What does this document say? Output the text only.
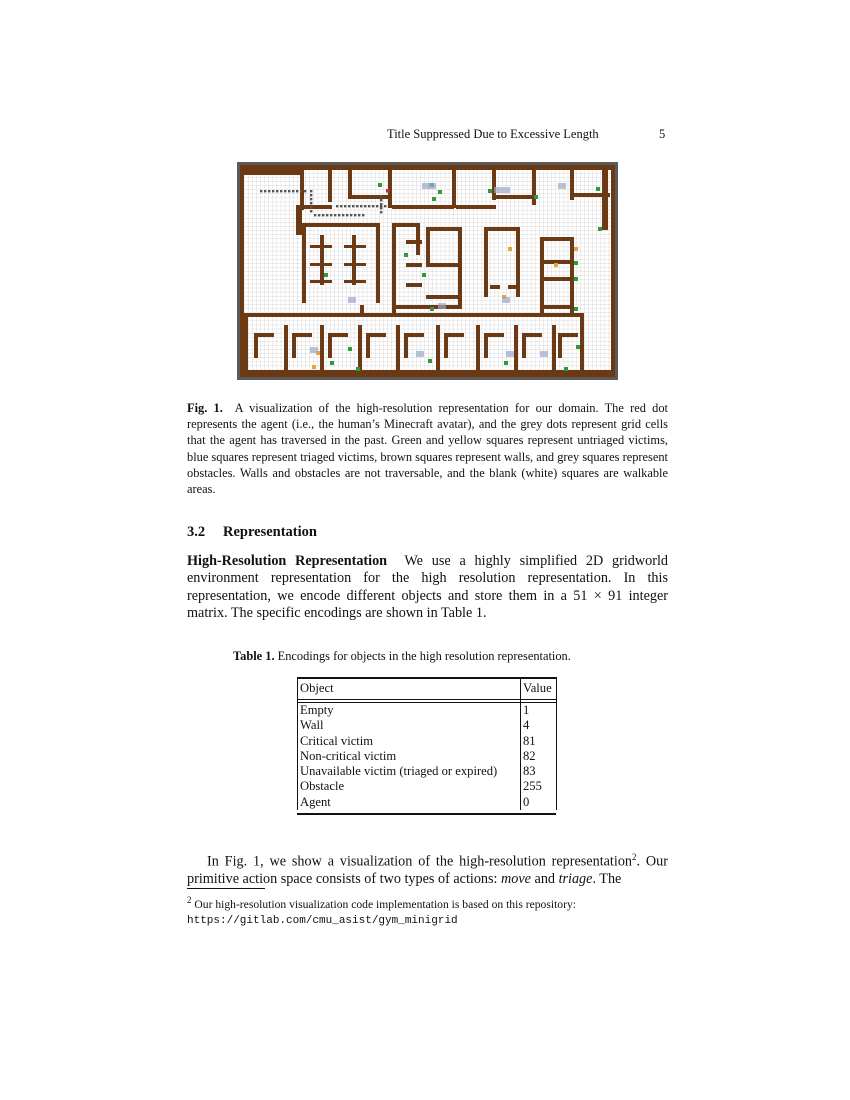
Title Suppressed Due to Excessive Length	5
Fig. 1. A visualization of the high-resolution representation for our domain. The red dot represents the agent (i.e., the human’s Minecraft avatar), and the grey dots represent grid cells that the agent has traversed in the past. Green and yellow squares represent untriaged victims, blue squares represent triaged victims, brown squares represent walls, and grey squares represent obstacles. Walls and obstacles are not traversable, and the blank (white) squares are walkable areas.
3.2 Representation
High-Resolution Representation We use a highly simplified 2D gridworld environment representation for the high resolution representation. In this representation, we encode different objects and store them in a 51 × 91 integer matrix. The specific encodings are shown in Table 1.
Table 1. Encodings for objects in the high resolution representation.
Object	Value

Empty	1
Wall	4
Critical victim	81
Non-critical victim	82
Unavailable victim (triaged or expired)	83
Obstacle	255
Agent	0
In Fig. 1, we show a visualization of the high-resolution representation$^2$. Our primitive action space consists of two types of actions: move and triage. The
$^2$ Our high-resolution visualization code implementation is based on this repository:
https://gitlab.com/cmu_asist/gym_minigrid
